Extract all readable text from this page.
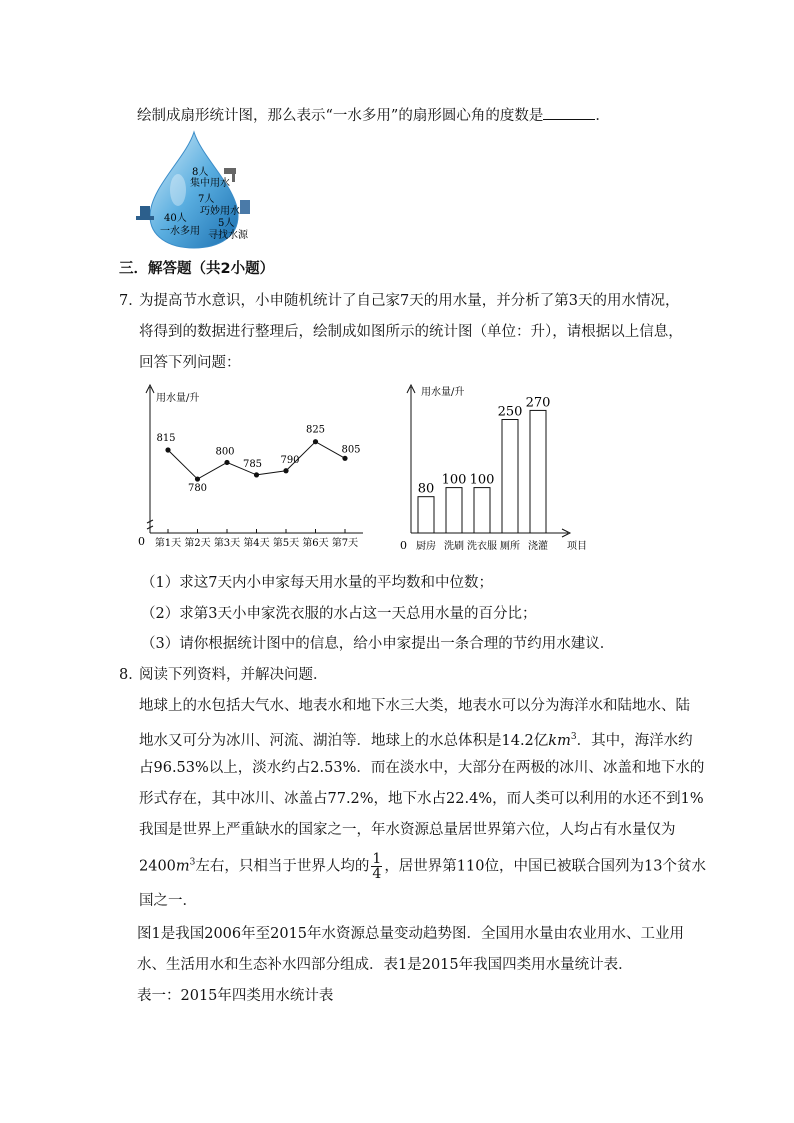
绘制成扇形统计图，那么表示“一水多用”的扇形圆心角的度数是	．
8人
集中用水
7人
巧妙用水
40人
一水多用
5人
寻找水源
三．解答题（共2小题）
7．
为提高节水意识，小申随机统计了自己家7天的用水量，并分析了第3天的用水情况，
将得到的数据进行整理后，绘制成如图所示的统计图（单位：升），请根据以上信息，
回答下列问题：
用水量/升
0 第1天 第2天 第3天 第4天 第5天 第6天 第7天
815
780
800
785 790
825
805
用水量/升
项目
0
80
厨房
100
洗刷
100
洗衣服
250
厕所
270
浇灌
（1）求这7天内小申家每天用水量的平均数和中位数；
（2）求第3天小申家洗衣服的水占这一天总用水量的百分比；
（3）请你根据统计图中的信息，给小申家提出一条合理的节约用水建议．
8．
阅读下列资料，并解决问题．
地球上的水包括大气水、地表水和地下水三大类，地表水可以分为海洋水和陆地水、陆
地水又可分为冰川、河流、湖泊等．地球上的水总体积是14.2亿$km^3$．其中，海洋水约
占96.53%以上，淡水约占2.53%．而在淡水中，大部分在两极的冰川、冰盖和地下水的
形式存在，其中冰川、冰盖占77.2%，地下水占22.4%，而人类可以利用的水还不到1%
我国是世界上严重缺水的国家之一，年水资源总量居世界第六位，人均占有水量仅为
$2400m^3$左右，只相当于世界人均的 $\frac{1}{4}$ ，居世界第110位，中国已被联合国列为13个贫水
国之一．
图1是我国2006年至2015年水资源总量变动趋势图．全国用水量由农业用水、工业用
水、生活用水和生态补水四部分组成．表1是2015年我国四类用水量统计表．
表一：2015年四类用水统计表
